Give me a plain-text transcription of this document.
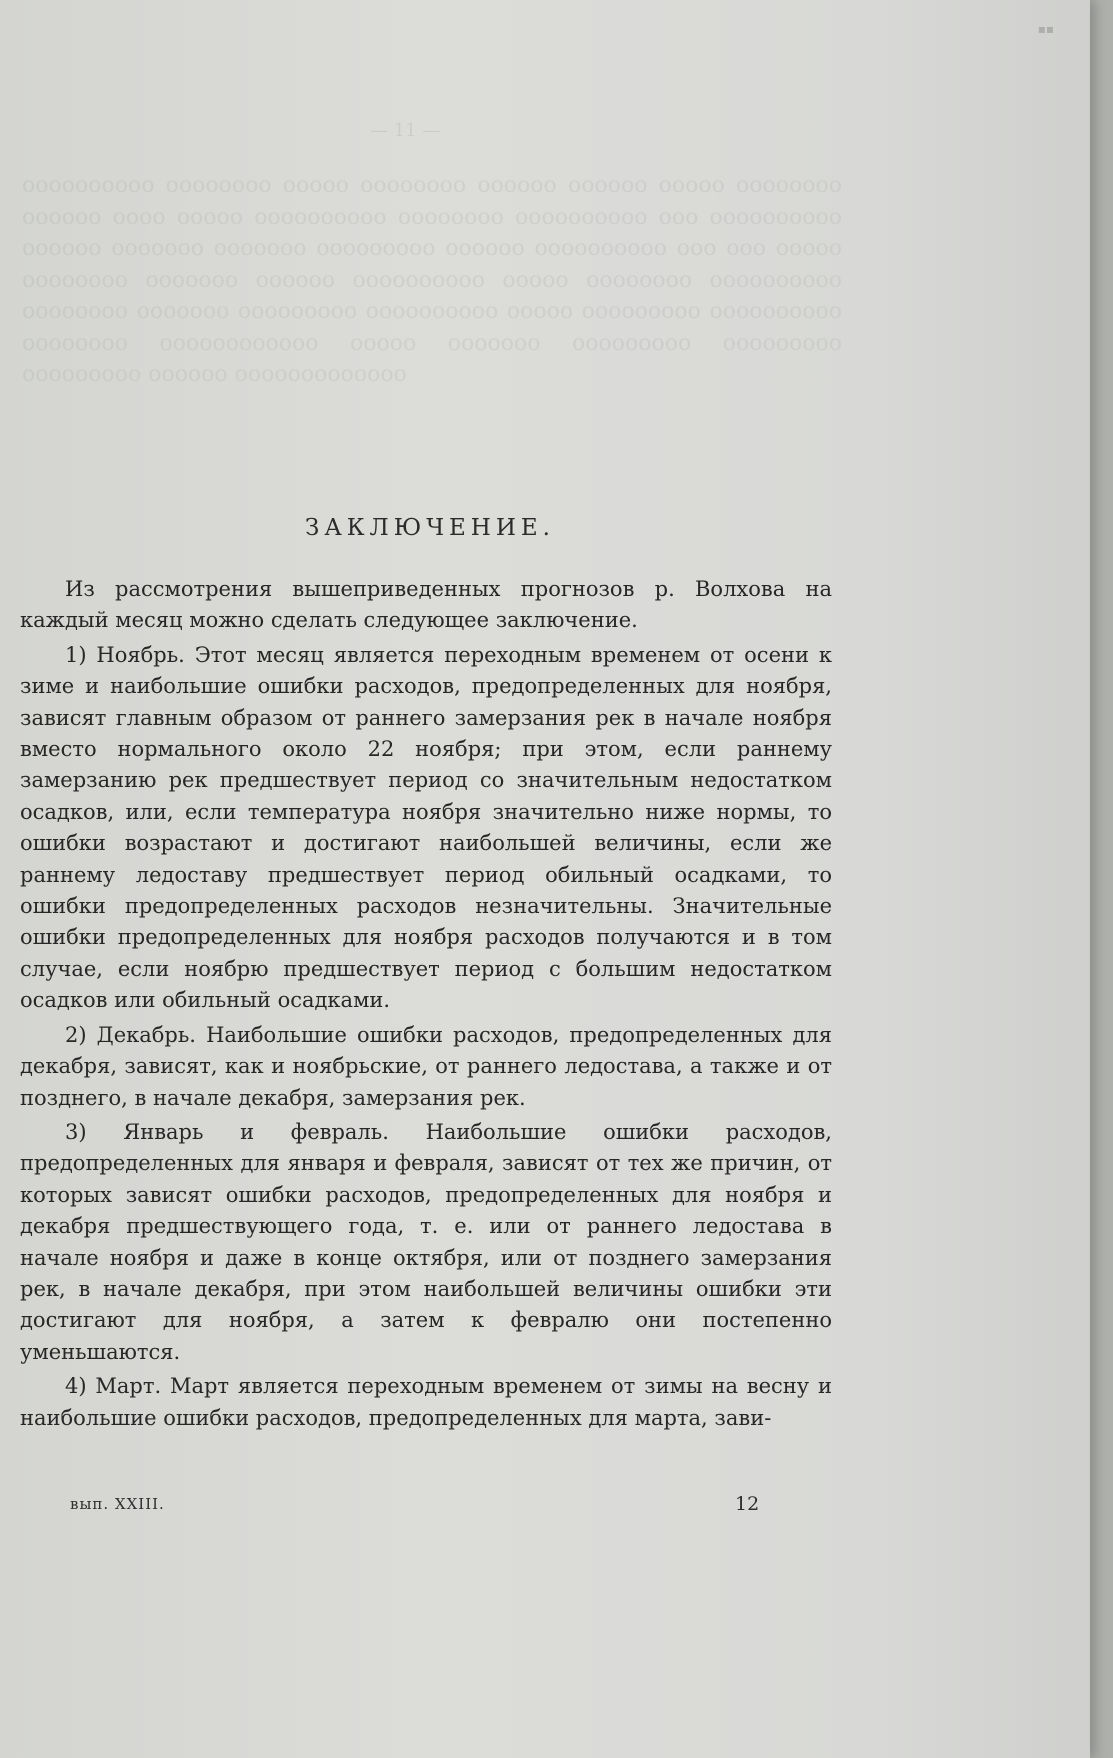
— 11 —
оооооооооо оооооооо ооооо оооооооо оооооо оооооо ооооо оооооооо оооооо оооо ооооо оооооооооо оооооооо оооооооооо ооо оооооооооо оооооо ооооооо ооооооо ооооооооо оооооо оооооооооо ооо ооо ооооо оооооооо ооооооо оооооо оооооооооо ооооо оооооооо оооооооооо оооооооо ооооооо ооооооооо оооооооооо ооооо ооооооооо оооооооооо оооооооо оооооооооооо ооооо ооооооо ооооооооо ооооооооо ооооооооо оооооо ооооооооооооо
▪▪
ЗАКЛЮЧЕНИЕ.

Из рассмотрения вышеприведенных прогнозов р. Волхова на каждый месяц можно сделать следующее заключение.

1) Ноябрь. Этот месяц является переходным временем от осени к зиме и наибольшие ошибки расходов, предопределенных для ноября, зависят главным образом от раннего замерзания рек в начале ноября вместо нормального около 22 ноября; при этом, если раннему замерзанию рек предшествует период со значительным недостатком осадков, или, если температура ноября значительно ниже нормы, то ошибки возрастают и достигают наибольшей величины, если же раннему ледоставу предшествует период обильный осадками, то ошибки предопределенных расходов незначительны. Значительные ошибки предопределенных для ноября расходов получаются и в том случае, если ноябрю предшествует период с большим недостатком осадков или обильный осадками.

2) Декабрь. Наибольшие ошибки расходов, предопределенных для декабря, зависят, как и ноябрьские, от раннего ледостава, а также и от позднего, в начале декабря, замерзания рек.

3) Январь и февраль. Наибольшие ошибки расходов, предопределенных для января и февраля, зависят от тех же причин, от которых зависят ошибки расходов, предопределенных для ноября и декабря предшествующего года, т. е. или от раннего ледостава в начале ноября и даже в конце октября, или от позднего замерзания рек, в начале декабря, при этом наибольшей величины ошибки эти достигают для ноября, а затем к февралю они постепенно уменьшаются.

4) Март. Март является переходным временем от зимы на весну и наибольшие ошибки расходов, предопределенных для марта, зави-

вып. XXIII.	12
